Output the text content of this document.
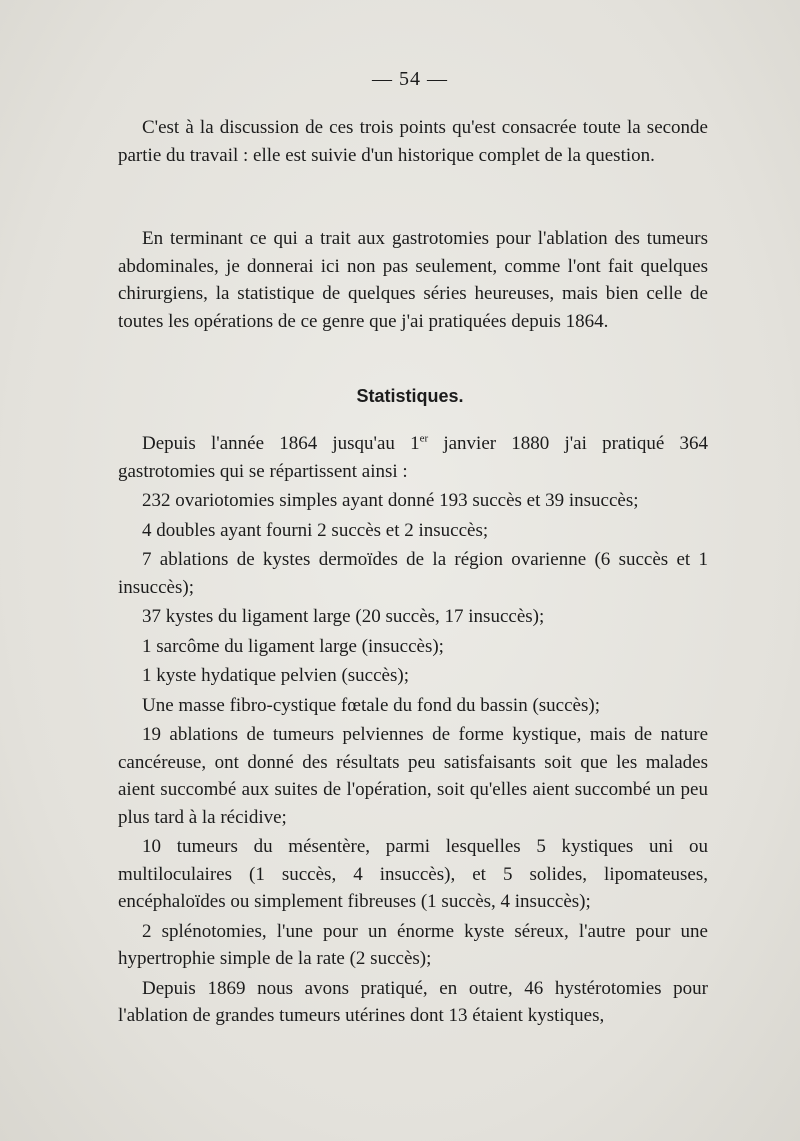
— 54 —

C'est à la discussion de ces trois points qu'est consacrée toute la seconde partie du travail : elle est suivie d'un historique complet de la question.

En terminant ce qui a trait aux gastrotomies pour l'ablation des tumeurs abdominales, je donnerai ici non pas seulement, comme l'ont fait quelques chirurgiens, la statistique de quelques séries heureuses, mais bien celle de toutes les opérations de ce genre que j'ai pratiquées depuis 1864.

Statistiques.

Depuis l'année 1864 jusqu'au 1er janvier 1880 j'ai pratiqué 364 gastrotomies qui se répartissent ainsi :

232 ovariotomies simples ayant donné 193 succès et 39 insuccès;

4 doubles ayant fourni 2 succès et 2 insuccès;

7 ablations de kystes dermoïdes de la région ovarienne (6 succès et 1 insuccès);

37 kystes du ligament large (20 succès, 17 insuccès);

1 sarcôme du ligament large (insuccès);

1 kyste hydatique pelvien (succès);

Une masse fibro-cystique fœtale du fond du bassin (succès);

19 ablations de tumeurs pelviennes de forme kystique, mais de nature cancéreuse, ont donné des résultats peu satisfaisants soit que les malades aient succombé aux suites de l'opération, soit qu'elles aient succombé un peu plus tard à la récidive;

10 tumeurs du mésentère, parmi lesquelles 5 kystiques uni ou multiloculaires (1 succès, 4 insuccès), et 5 solides, lipomateuses, encéphaloïdes ou simplement fibreuses (1 succès, 4 insuccès);

2 splénotomies, l'une pour un énorme kyste séreux, l'autre pour une hypertrophie simple de la rate (2 succès);

Depuis 1869 nous avons pratiqué, en outre, 46 hystérotomies pour l'ablation de grandes tumeurs utérines dont 13 étaient kystiques,
